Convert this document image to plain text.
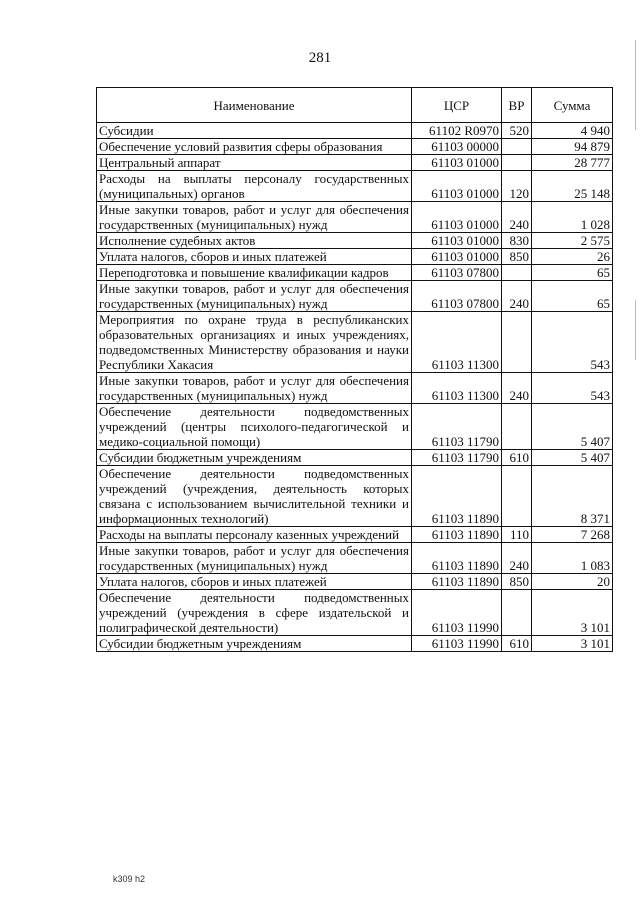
281
Наименование	ЦСР	ВР	Сумма
Субсидии	61102 R0970	520	4 940
Обеспечение условий развития сферы образования	61103 00000		94 879
Центральный аппарат	61103 01000		28 777
Расходы на выплаты персоналу государственных (муниципальных) органов	61103 01000	120	25 148
Иные закупки товаров, работ и услуг для обеспечения государственных (муниципальных) нужд	61103 01000	240	1 028
Исполнение судебных актов	61103 01000	830	2 575
Уплата налогов, сборов и иных платежей	61103 01000	850	26
Переподготовка и повышение квалификации кадров	61103 07800		65
Иные закупки товаров, работ и услуг для обеспечения государственных (муниципальных) нужд	61103 07800	240	65
Мероприятия по охране труда в республиканских образовательных организациях и иных учреждениях, подведомственных Министерству образования и науки Республики Хакасия	61103 11300		543
Иные закупки товаров, работ и услуг для обеспечения государственных (муниципальных) нужд	61103 11300	240	543
Обеспечение деятельности подведомственных учреждений (центры психолого-педагогической и медико-социальной помощи)	61103 11790		5 407
Субсидии бюджетным учреждениям	61103 11790	610	5 407
Обеспечение деятельности подведомственных учреждений (учреждения, деятельность которых связана с использованием вычислительной техники и информационных технологий)	61103 11890		8 371
Расходы на выплаты персоналу казенных учреждений	61103 11890	110	7 268
Иные закупки товаров, работ и услуг для обеспечения государственных (муниципальных) нужд	61103 11890	240	1 083
Уплата налогов, сборов и иных платежей	61103 11890	850	20
Обеспечение деятельности подведомственных учреждений (учреждения в сфере издательской и полиграфической деятельности)	61103 11990		3 101
Субсидии бюджетным учреждениям	61103 11990	610	3 101
k309 h2
